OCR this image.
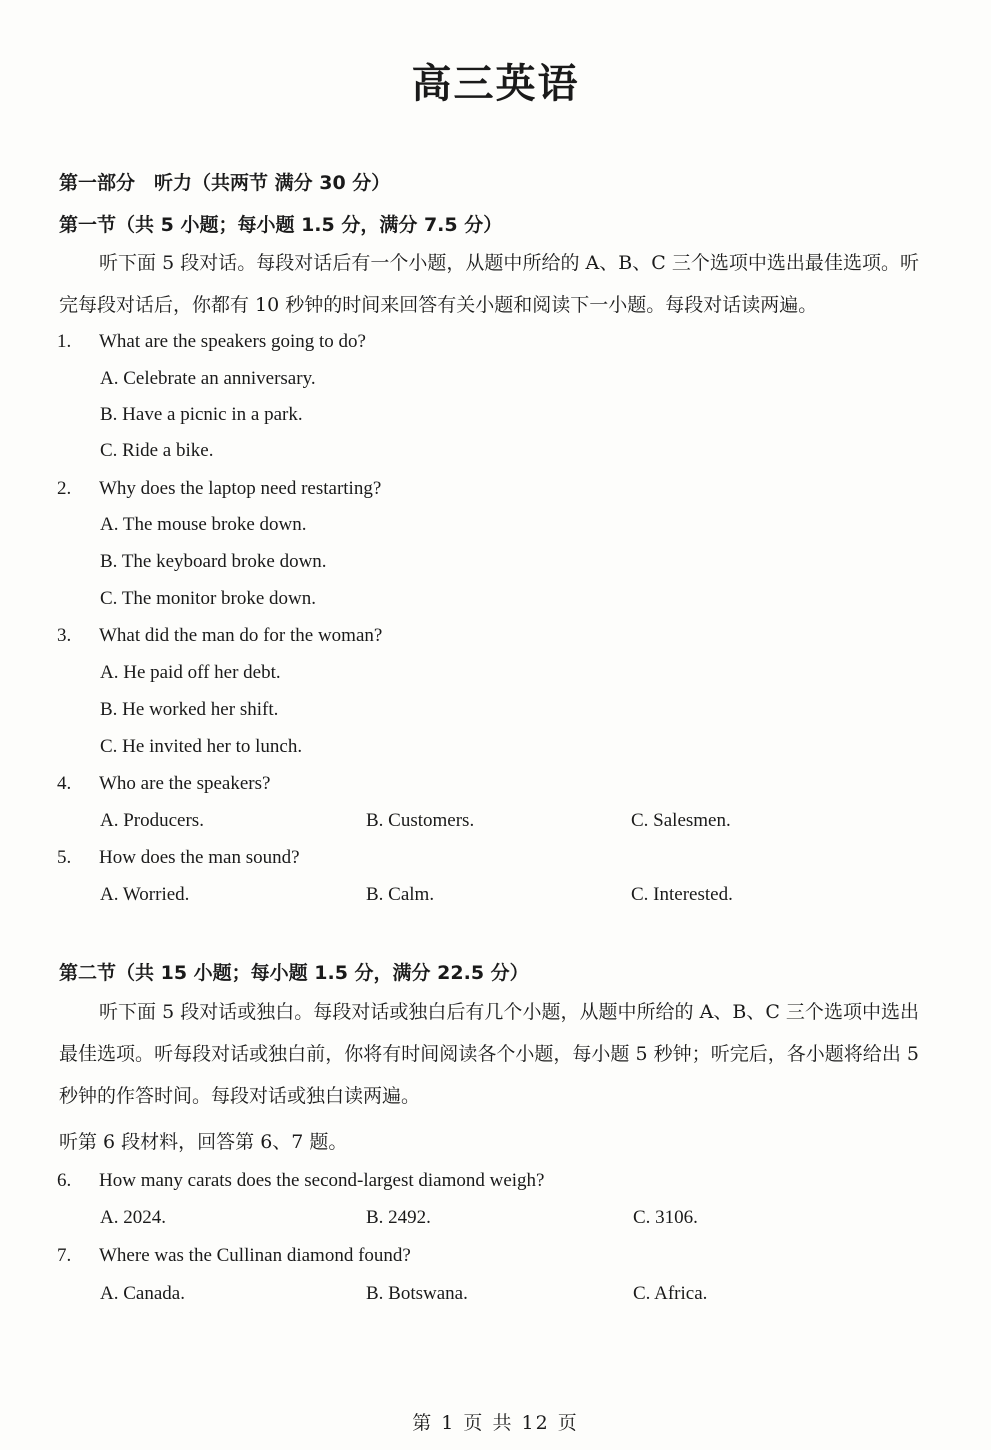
高三英语
第一部分　听力（共两节 满分 30 分）
第一节（共 5 小题；每小题 1.5 分，满分 7.5 分）
听下面 5 段对话。每段对话后有一个小题，从题中所给的 A、B、C 三个选项中选出最佳选项。听完每段对话后，你都有 10 秒钟的时间来回答有关小题和阅读下一小题。每段对话读两遍。
1. What are the speakers going to do?
A. Celebrate an anniversary.
B. Have a picnic in a park.
C. Ride a bike.
2. Why does the laptop need restarting?
A. The mouse broke down.
B. The keyboard broke down.
C. The monitor broke down.
3. What did the man do for the woman?
A. He paid off her debt.
B. He worked her shift.
C. He invited her to lunch.
4. Who are the speakers?
A. Producers.	B. Customers.	C. Salesmen.
5. How does the man sound?
A. Worried.	B. Calm.	C. Interested.
第二节（共 15 小题；每小题 1.5 分，满分 22.5 分）
听下面 5 段对话或独白。每段对话或独白后有几个小题，从题中所给的 A、B、C 三个选项中选出最佳选项。听每段对话或独白前，你将有时间阅读各个小题，每小题 5 秒钟；听完后，各小题将给出 5 秒钟的作答时间。每段对话或独白读两遍。
听第 6 段材料，回答第 6、7 题。
6. How many carats does the second-largest diamond weigh?
A. 2024.	B. 2492.	C. 3106.
7. Where was the Cullinan diamond found?
A. Canada.	B. Botswana.	C. Africa.
第 1 页 共 12 页
